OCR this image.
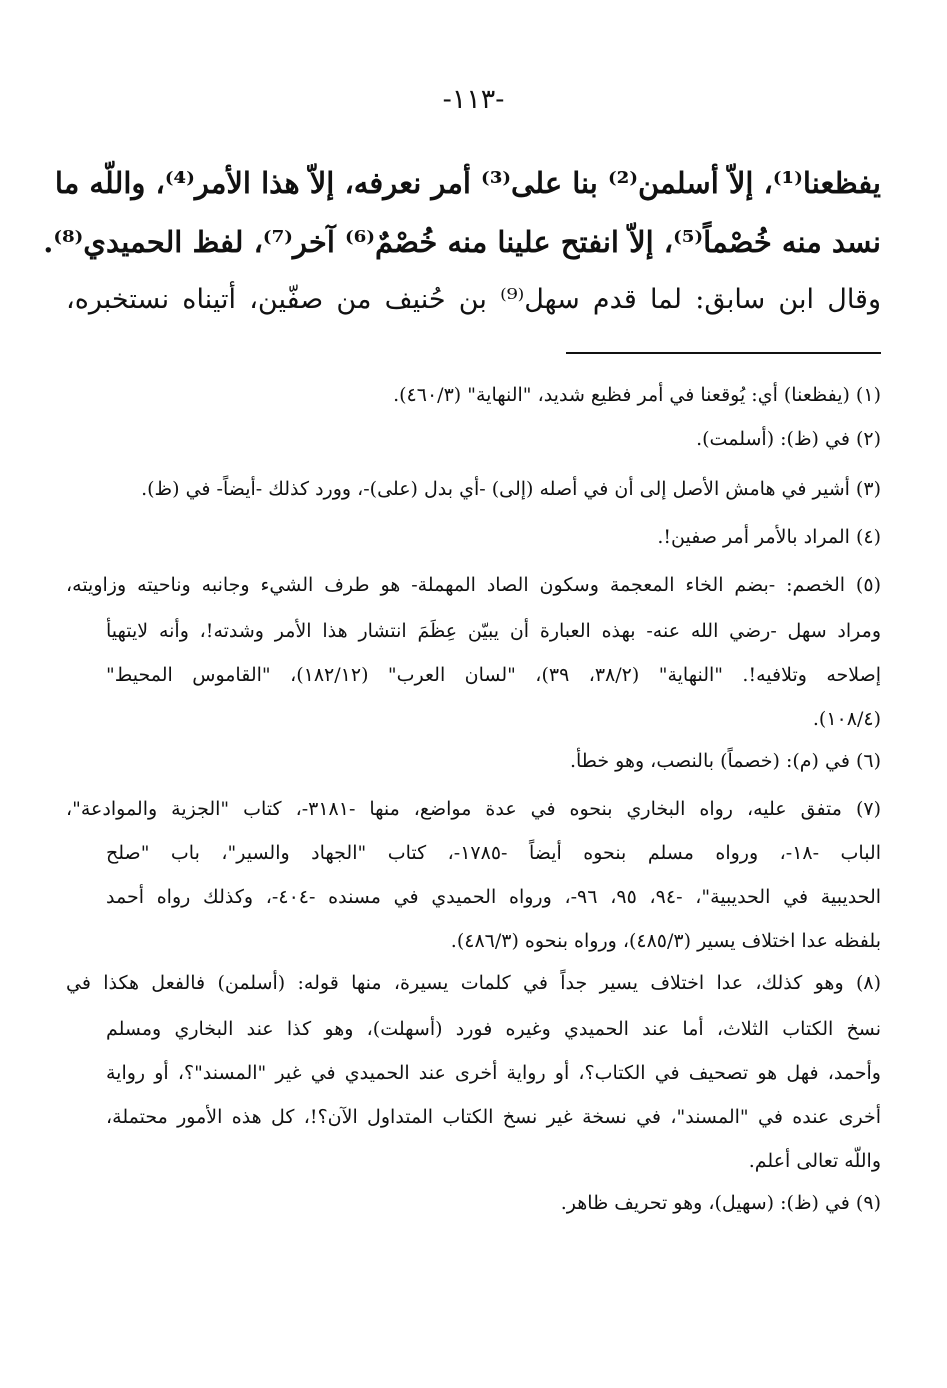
-١١٣-
يفظعنا⁽¹⁾، إلاّ أسلمن⁽²⁾ بنا على⁽³⁾ أمر نعرفه، إلاّ هذا الأمر⁽⁴⁾، واللّه ما
نسد منه خُصْماً⁽⁵⁾، إلاّ انفتح علينا منه خُصْمٌ⁽⁶⁾ آخر⁽⁷⁾، لفظ الحميدي⁽⁸⁾.
وقال ابن سابق: لما قدم سهل⁽⁹⁾ بن حُنيف من صفّين، أتيناه نستخبره،
(١) (يفظعنا) أي: يُوقعنا في أمر فظيع شديد، "النهاية" (٤٦٠/٣).
(٢) في (ظ): (أسلمت).
(٣) أشير في هامش الأصل إلى أن في أصله (إلى) -أي بدل (على)-، وورد كذلك -أيضاً- في (ظ).
(٤) المراد بالأمر أمر صفين!.
(٥) الخصم: -بضم الخاء المعجمة وسكون الصاد المهملة- هو طرف الشيء وجانبه وناحيته وزاويته،
ومراد سهل -رضي الله عنه- بهذه العبارة أن يبيّن عِظَمَ انتشار هذا الأمر وشدته!، وأنه لايتهيأ
إصلاحه وتلافيه!. "النهاية" (٣٨/٢، ٣٩)، "لسان العرب" (١٨٢/١٢)، "القاموس المحيط"
(١٠٨/٤).
(٦) في (م): (خصماً) بالنصب، وهو خطأ.
(٧) متفق عليه، رواه البخاري بنحوه في عدة مواضع، منها -٣١٨١-، كتاب "الجزية والموادعة"،
الباب -١٨-، ورواه مسلم بنحوه أيضاً -١٧٨٥-، كتاب "الجهاد والسير"، باب "صلح
الحديبية في الحديبية"، -٩٤، ٩٥، ٩٦-، ورواه الحميدي في مسنده -٤٠٤-، وكذلك رواه أحمد
بلفظه عدا اختلاف يسير (٤٨٥/٣)، ورواه بنحوه (٤٨٦/٣).
(٨) وهو كذلك، عدا اختلاف يسير جداً في كلمات يسيرة، منها قوله: (أسلمن) فالفعل هكذا في
نسخ الكتاب الثلاث، أما عند الحميدي وغيره فورد (أسهلت)، وهو كذا عند البخاري ومسلم
وأحمد، فهل هو تصحيف في الكتاب؟، أو رواية أخرى عند الحميدي في غير "المسند"؟، أو رواية
أخرى عنده في "المسند"، في نسخة غير نسخ الكتاب المتداول الآن؟!، كل هذه الأمور محتملة،
واللّه تعالى أعلم.
(٩) في (ظ): (سهيل)، وهو تحريف ظاهر.
